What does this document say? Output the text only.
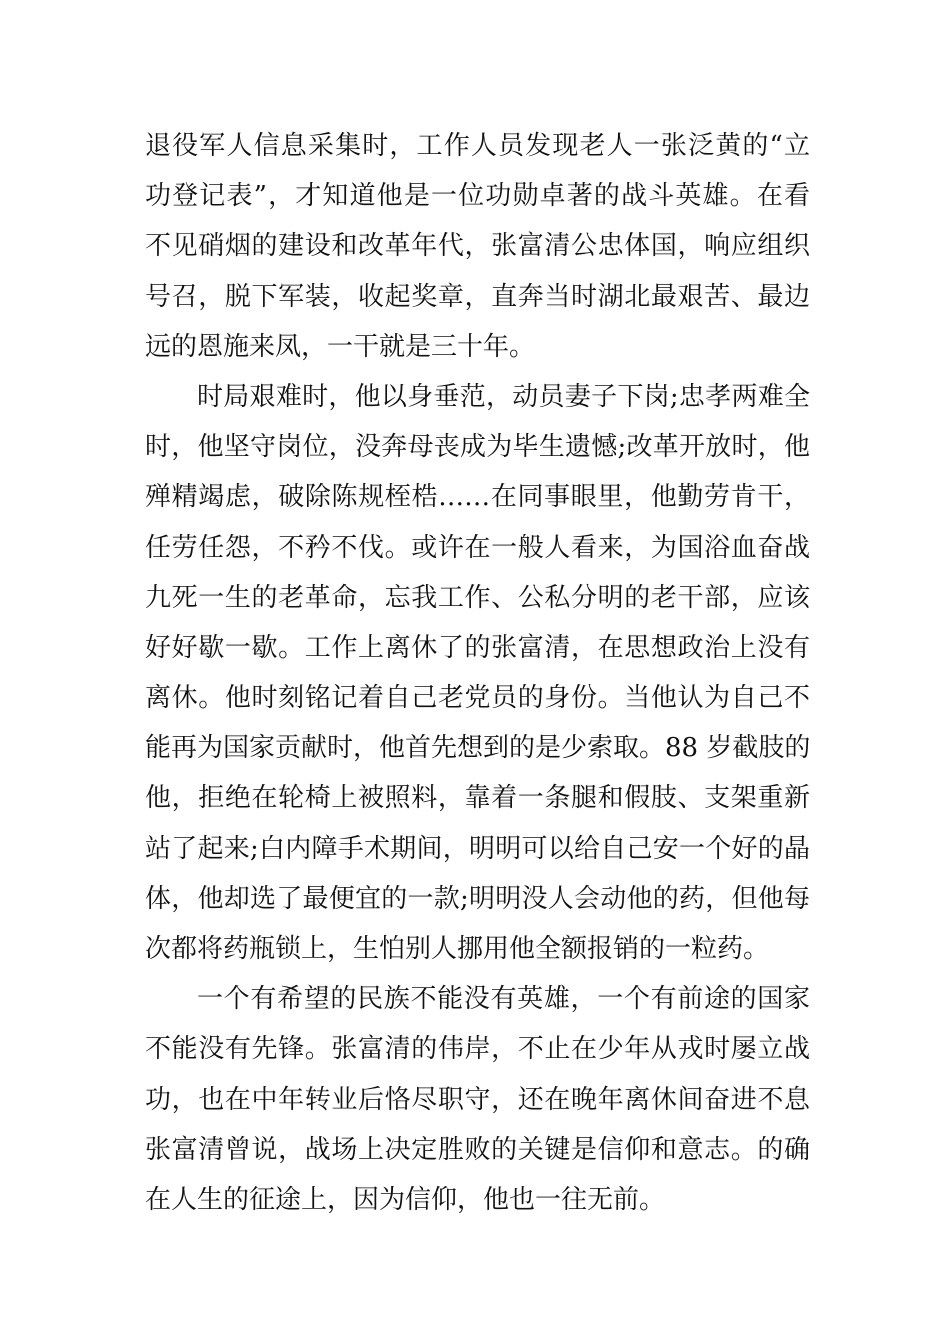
退役军人信息采集时，工作人员发现老人一张泛黄的“立
功登记表”，才知道他是一位功勋卓著的战斗英雄。在看
不见硝烟的建设和改革年代，张富清公忠体国，响应组织
号召，脱下军装，收起奖章，直奔当时湖北最艰苦、最边
远的恩施来凤，一干就是三十年。
时局艰难时，他以身垂范，动员妻子下岗;忠孝两难全
时，他坚守岗位，没奔母丧成为毕生遗憾;改革开放时，他
殚精竭虑，破除陈规桎梏……在同事眼里，他勤劳肯干，
任劳任怨，不矜不伐。或许在一般人看来，为国浴血奋战
九死一生的老革命，忘我工作、公私分明的老干部，应该
好好歇一歇。工作上离休了的张富清，在思想政治上没有
离休。他时刻铭记着自己老党员的身份。当他认为自己不
能再为国家贡献时，他首先想到的是少索取。88 岁截肢的
他，拒绝在轮椅上被照料，靠着一条腿和假肢、支架重新
站了起来;白内障手术期间，明明可以给自己安一个好的晶
体，他却选了最便宜的一款;明明没人会动他的药，但他每
次都将药瓶锁上，生怕别人挪用他全额报销的一粒药。
一个有希望的民族不能没有英雄，一个有前途的国家
不能没有先锋。张富清的伟岸，不止在少年从戎时屡立战
功，也在中年转业后恪尽职守，还在晚年离休间奋进不息
张富清曾说，战场上决定胜败的关键是信仰和意志。的确
在人生的征途上，因为信仰，他也一往无前。
